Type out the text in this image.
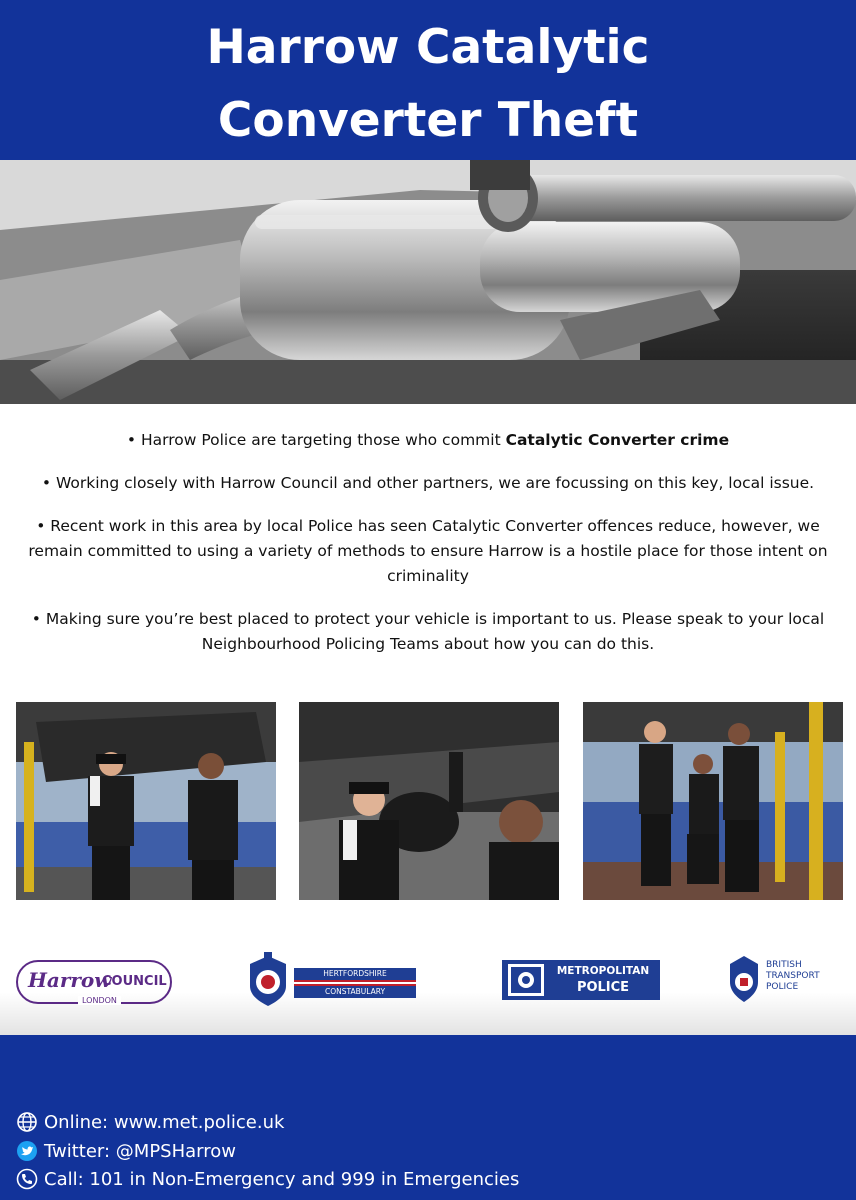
Harrow Catalytic
Converter Theft

• Harrow Police are targeting those who commit Catalytic Converter crime

• Working closely with Harrow Council and other partners, we are focussing on this key, local issue.

• Recent work in this area by local Police has seen Catalytic Converter offences reduce, however, we remain committed to using a variety of methods to ensure Harrow is a hostile place for those intent on criminality

• Making sure you’re best placed to protect your vehicle is important to us. Please speak to your local Neighbourhood Policing Teams about how you can do this.

Harrow
COUNCIL
LONDON
HERTFORDSHIRE
CONSTABULARY
METROPOLITAN
POLICE
BRITISH
TRANSPORT
POLICE
Online: www.met.police.uk
Twitter: @MPSHarrow
Call: 101 in Non-Emergency and 999 in Emergencies
